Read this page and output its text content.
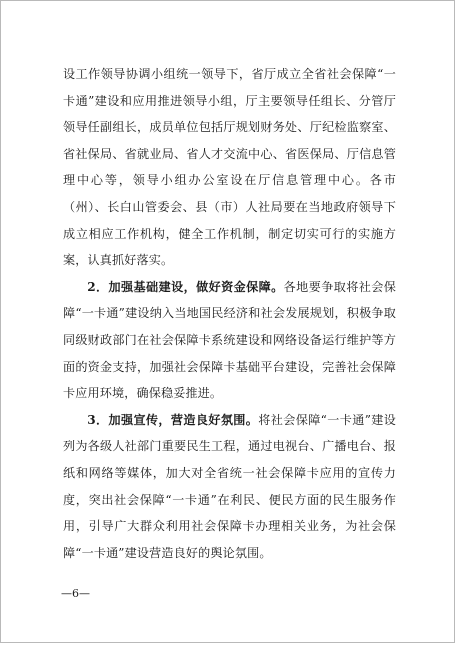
设工作领导协调小组统一领导下，省厅成立全省社会保障“一卡通”建设和应用推进领导小组，厅主要领导任组长、分管厅领导任副组长，成员单位包括厅规划财务处、厅纪检监察室、省社保局、省就业局、省人才交流中心、省医保局、厅信息管理中心等，领导小组办公室设在厅信息管理中心。各市（州）、长白山管委会、县（市）人社局要在当地政府领导下成立相应工作机构，健全工作机制，制定切实可行的实施方案，认真抓好落实。

2．加强基础建设，做好资金保障。各地要争取将社会保障“一卡通”建设纳入当地国民经济和社会发展规划，积极争取同级财政部门在社会保障卡系统建设和网络设备运行维护等方面的资金支持，加强社会保障卡基础平台建设，完善社会保障卡应用环境，确保稳妥推进。

3．加强宣传，营造良好氛围。将社会保障“一卡通”建设列为各级人社部门重要民生工程，通过电视台、广播电台、报纸和网络等媒体，加大对全省统一社会保障卡应用的宣传力度，突出社会保障“一卡通”在利民、便民方面的民生服务作用，引导广大群众利用社会保障卡办理相关业务，为社会保障“一卡通”建设营造良好的舆论氛围。

—6—
